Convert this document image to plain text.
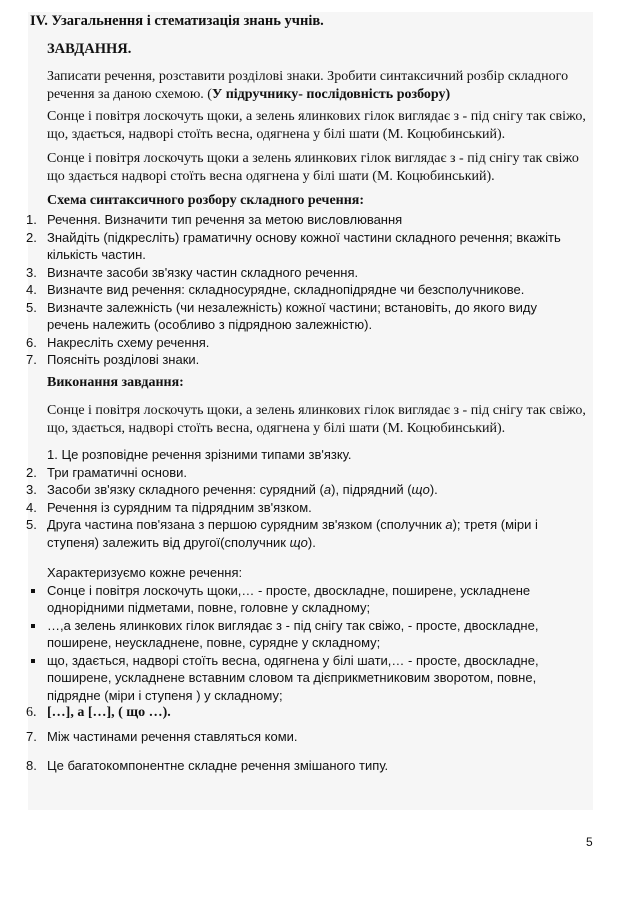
IV. Узагальнення і стематизація знань учнів.

ЗАВДАННЯ.

Записати речення, розставити розділові знаки. Зробити синтаксичний розбір складного речення за даною схемою. (У підручнику- послідовність розбору)

Сонце і повітря лоскочуть щоки, а зелень ялинкових гілок виглядає з - під снігу так свіжо, що, здається, надворі стоїть весна, одягнена у білі шати (М. Коцюбинський).

Сонце і повітря лоскочуть щоки а зелень ялинкових гілок виглядає з - під снігу так свіжо що здається надворі стоїть весна одягнена у білі шати (М. Коцюбинський).

Схема синтаксичного розбору складного речення:

1. Речення. Визначити тип речення за метою висловлювання
2. Знайдіть (підкресліть) граматичну основу кожної частини складного речення; вкажіть кількість частин.
3. Визначте засоби зв'язку частин складного речення.
4. Визначте вид речення: складносурядне, складнопідрядне чи безсполучникове.
5. Визначте залежність (чи незалежність) кожної частини; встановіть, до якого виду речень належить (особливо з підрядною залежністю).
6. Накресліть схему речення.
7. Поясніть розділові знаки.

Виконання завдання:

Сонце і повітря лоскочуть щоки, а зелень ялинкових гілок виглядає з - під снігу так свіжо, що, здається, надворі стоїть весна, одягнена у білі шати (М. Коцюбинський).

1. Це розповідне речення зрізними типами зв'язку.
2. Три граматичні основи.
3. Засоби зв'язку складного речення: сурядний (а), підрядний (що).
4. Речення із сурядним та підрядним зв'язком.
5. Друга частина пов'язана з першою сурядним зв'язком (сполучник а); третя (міри і ступеня) залежить від другої(сполучник що).
Характеризуємо кожне речення:
Сонце і повітря лоскочуть щоки,… - просте, двоскладне, поширене, ускладнене однорідними підметами, повне, головне у складному;
…,а зелень ялинкових гілок виглядає з - під снігу так свіжо, - просте, двоскладне, поширене, неускладнене, повне, сурядне у складному;
що, здається, надворі стоїть весна, одягнена у білі шати,… - просте, двоскладне, поширене, ускладнене вставним словом та дієприкметниковим зворотом, повне, підрядне (міри і ступеня ) у складному;
6. […], а […], ( що …).
7. Між частинами речення ставляться коми.
8. Це багатокомпонентне складне речення змішаного типу.
5
